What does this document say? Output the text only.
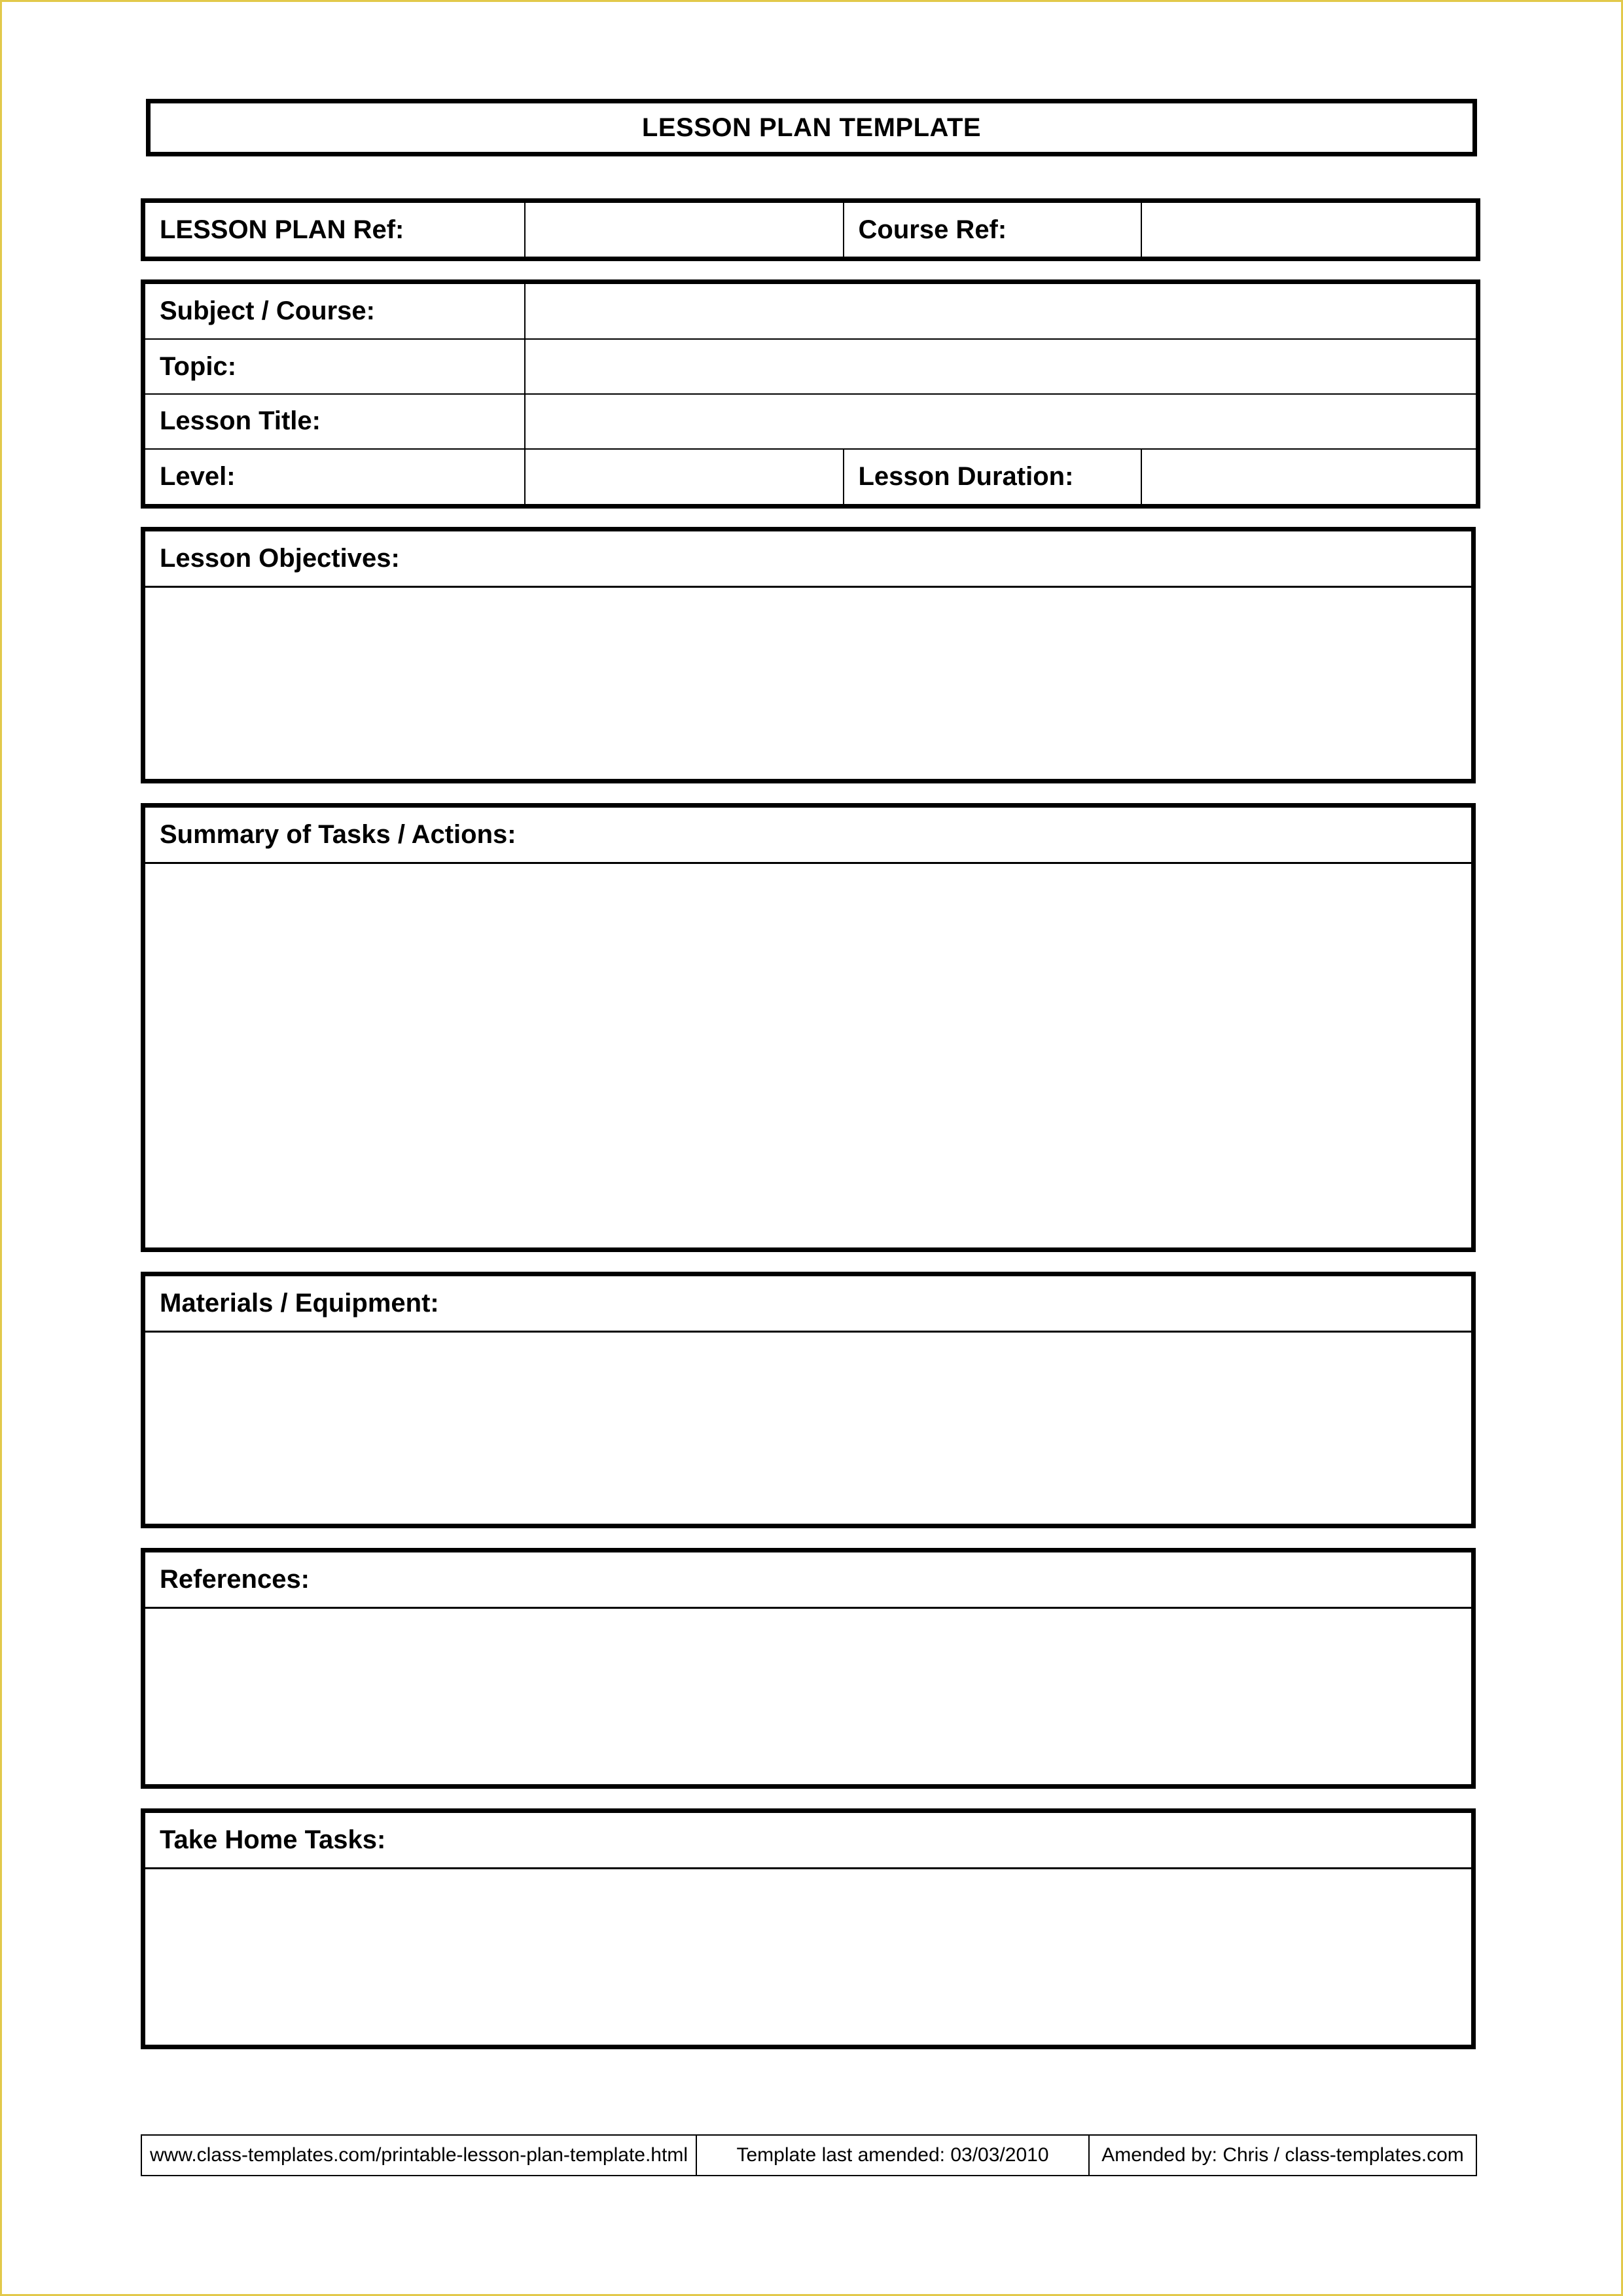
LESSON PLAN TEMPLATE
LESSON PLAN Ref:		Course Ref:	
Subject / Course:			
Topic:			
Lesson Title:			
Level:		Lesson Duration:	
Lesson Objectives:
Summary of Tasks / Actions:
Materials / Equipment:
References:
Take Home Tasks:
www.class-templates.com/printable-lesson-plan-template.html	Template last amended: 03/03/2010	Amended by: Chris / class-templates.com
